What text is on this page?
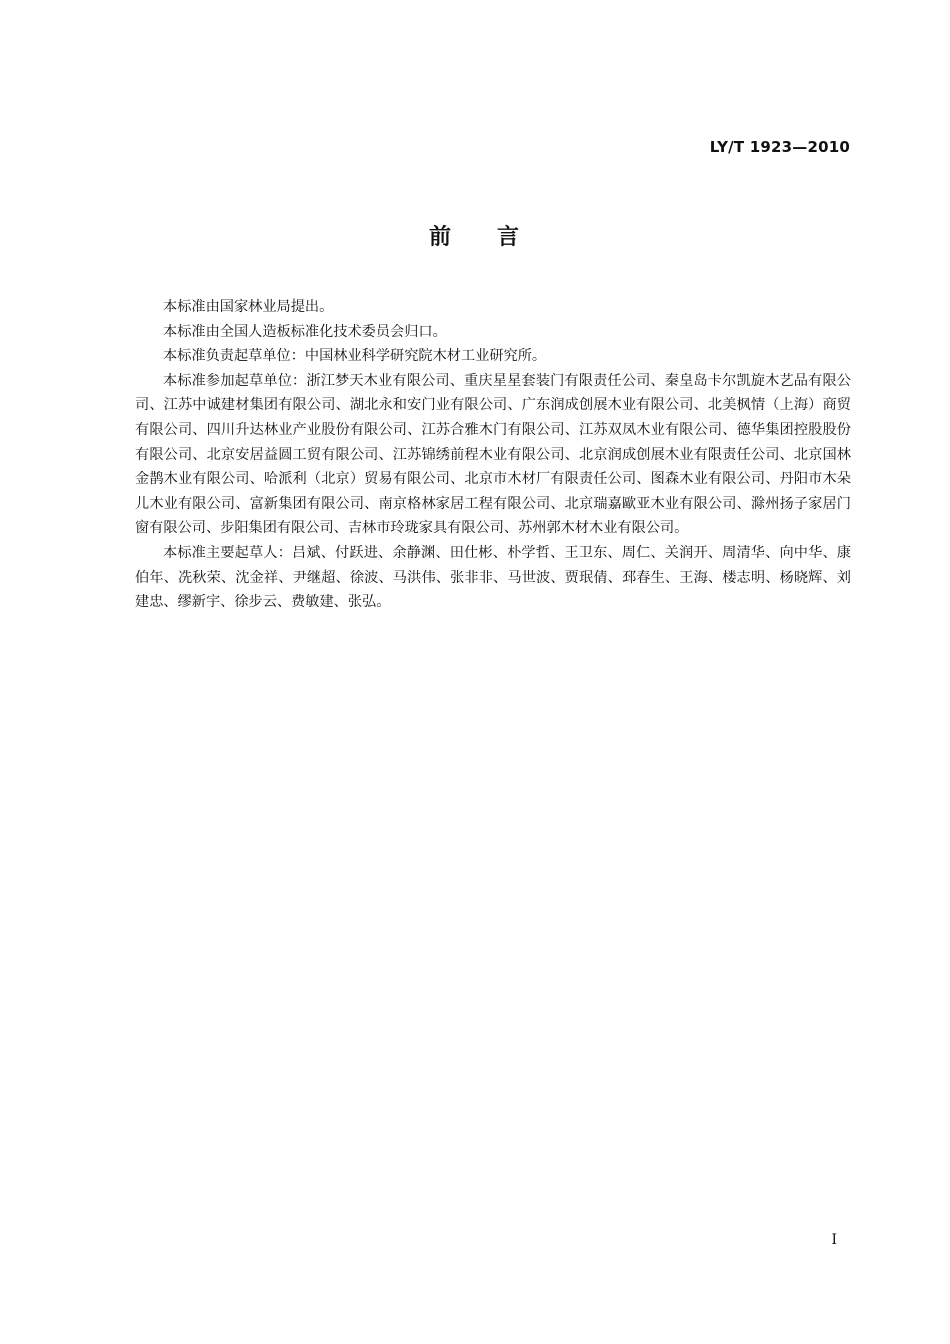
LY/T 1923—2010
前 言

本标准由国家林业局提出。

本标准由全国人造板标准化技术委员会归口。

本标准负责起草单位：中国林业科学研究院木材工业研究所。

本标准参加起草单位：浙江梦天木业有限公司、重庆星星套装门有限责任公司、秦皇岛卡尔凯旋木艺品有限公司、江苏中诚建材集团有限公司、湖北永和安门业有限公司、广东润成创展木业有限公司、北美枫情（上海）商贸有限公司、四川升达林业产业股份有限公司、江苏合雅木门有限公司、江苏双凤木业有限公司、德华集团控股股份有限公司、北京安居益圆工贸有限公司、江苏锦绣前程木业有限公司、北京润成创展木业有限责任公司、北京国林金鹊木业有限公司、哈派利（北京）贸易有限公司、北京市木材厂有限责任公司、图森木业有限公司、丹阳市木朵儿木业有限公司、富新集团有限公司、南京格林家居工程有限公司、北京瑞嘉歐亚木业有限公司、滁州扬子家居门窗有限公司、步阳集团有限公司、吉林市玲珑家具有限公司、苏州郭木材木业有限公司。

本标准主要起草人：吕斌、付跃进、余静渊、田仕彬、朴学哲、王卫东、周仁、关润开、周清华、向中华、康伯年、冼秋荣、沈金祥、尹继超、徐波、马洪伟、张非非、马世波、贾珉倩、邳春生、王海、楼志明、杨晓辉、刘建忠、缪新宇、徐步云、费敏建、张弘。

I
